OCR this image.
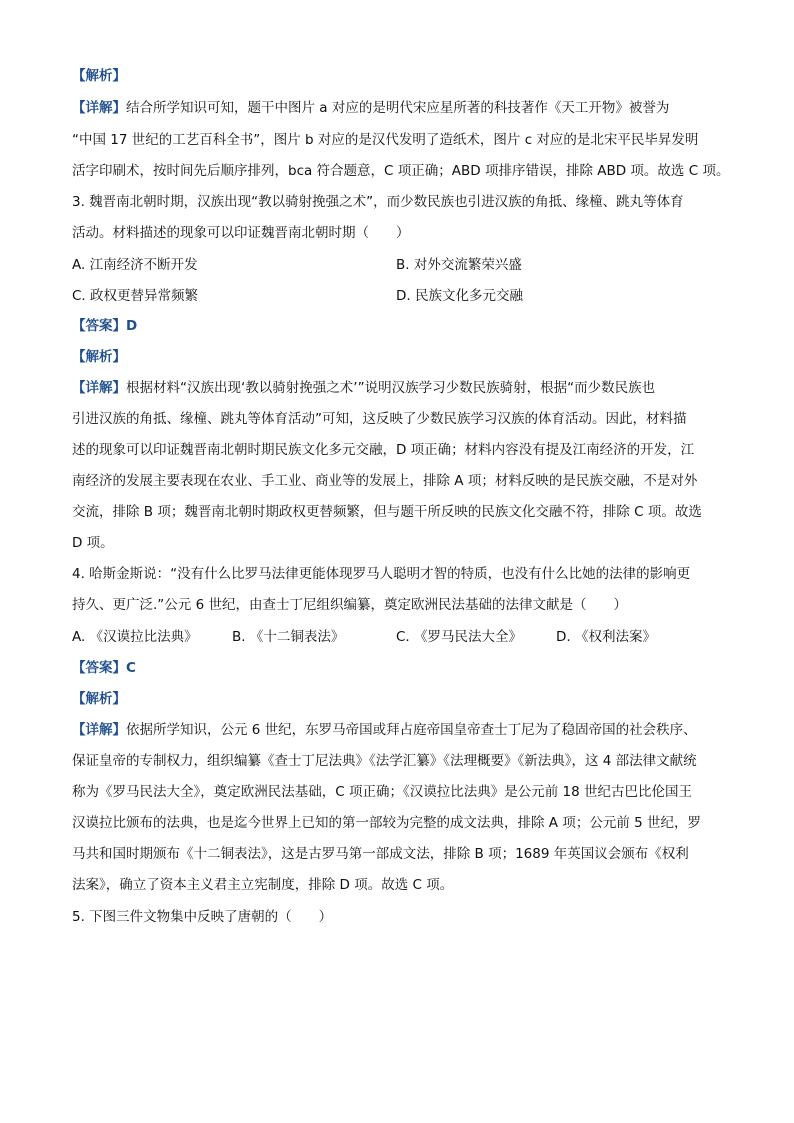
【解析】
【详解】结合所学知识可知，题干中图片 a 对应的是明代宋应星所著的科技著作《天工开物》被誉为
“中国 17 世纪的工艺百科全书”，图片 b 对应的是汉代发明了造纸术，图片 c 对应的是北宋平民毕昇发明
活字印刷术，按时间先后顺序排列，bca 符合题意，C 项正确；ABD 项排序错误，排除 ABD 项。故选 C 项。
3. 魏晋南北朝时期，汉族出现“教以骑射挽强之术”，而少数民族也引进汉族的角抵、缘橦、跳丸等体育
活动。材料描述的现象可以印证魏晋南北朝时期（　　）
A. 江南经济不断开发	B. 对外交流繁荣兴盛
C. 政权更替异常频繁	D. 民族文化多元交融
【答案】D
【解析】
【详解】根据材料“汉族出现‘教以骑射挽强之术’”说明汉族学习少数民族骑射，根据“而少数民族也
引进汉族的角抵、缘橦、跳丸等体育活动”可知，这反映了少数民族学习汉族的体育活动。因此，材料描
述的现象可以印证魏晋南北朝时期民族文化多元交融，D 项正确；材料内容没有提及江南经济的开发，江
南经济的发展主要表现在农业、手工业、商业等的发展上，排除 A 项；材料反映的是民族交融，不是对外
交流，排除 B 项；魏晋南北朝时期政权更替频繁，但与题干所反映的民族文化交融不符，排除 C 项。故选
D 项。
4. 哈斯金斯说：“没有什么比罗马法律更能体现罗马人聪明才智的特质，也没有什么比她的法律的影响更
持久、更广泛.”公元 6 世纪，由查士丁尼组织编纂，奠定欧洲民法基础的法律文献是（　　）
A. 《汉谟拉比法典》	B. 《十二铜表法》	C. 《罗马民法大全》	D. 《权利法案》
【答案】C
【解析】
【详解】依据所学知识，公元 6 世纪，东罗马帝国或拜占庭帝国皇帝查士丁尼为了稳固帝国的社会秩序、
保证皇帝的专制权力，组织编纂《查士丁尼法典》《法学汇纂》《法理概要》《新法典》，这 4 部法律文献统
称为《罗马民法大全》，奠定欧洲民法基础，C 项正确；《汉谟拉比法典》是公元前 18 世纪古巴比伦国王
汉谟拉比颁布的法典，也是迄今世界上已知的第一部较为完整的成文法典，排除 A 项；公元前 5 世纪，罗
马共和国时期颁布《十二铜表法》，这是古罗马第一部成文法，排除 B 项；1689 年英国议会颁布《权利
法案》，确立了资本主义君主立宪制度，排除 D 项。故选 C 项。
5. 下图三件文物集中反映了唐朝的（　　）
